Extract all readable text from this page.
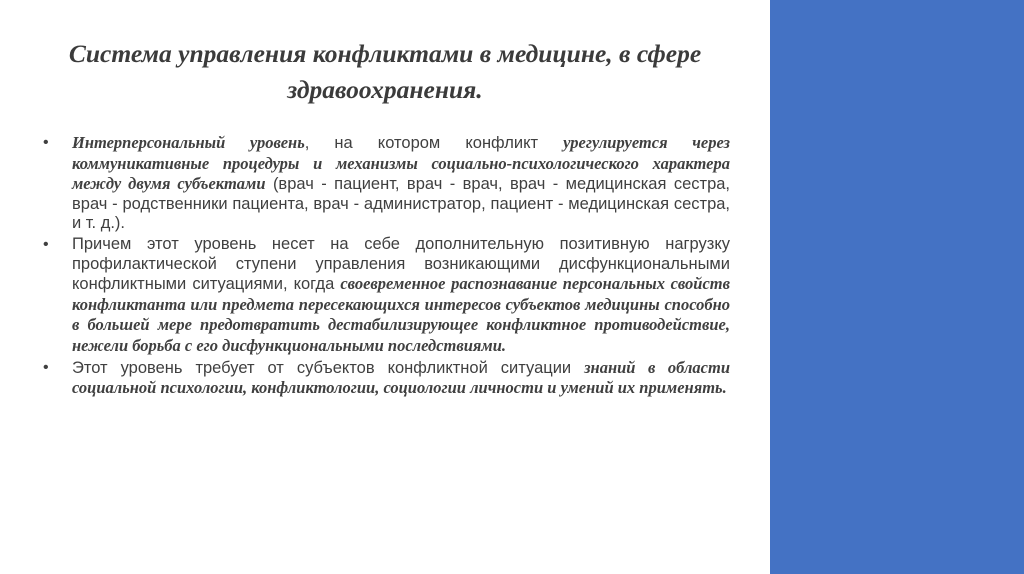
Система управления конфликтами в медицине, в сфере здравоохранения.
• Интерперсональный уровень, на котором конфликт урегулируется через коммуникативные процедуры и механизмы социально-психологического характера между двумя субъектами (врач - пациент, врач - врач, врач - медицинская сестра, врач - родственники пациента, врач - администратор, пациент - медицинская сестра, и т. д.).
• Причем этот уровень несет на себе дополнительную позитивную нагрузку профилактической ступени управления возникающими дисфункциональными конфликтными ситуациями, когда своевременное распознавание персональных свойств конфликтанта или предмета пересекающихся интересов субъектов медицины способно в большей мере предотвратить дестабилизирующее конфликтное противодействие, нежели борьба с его дисфункциональными последствиями.
• Этот уровень требует от субъектов конфликтной ситуации знаний в области социальной психологии, конфликтологии, социологии личности и умений их применять.
